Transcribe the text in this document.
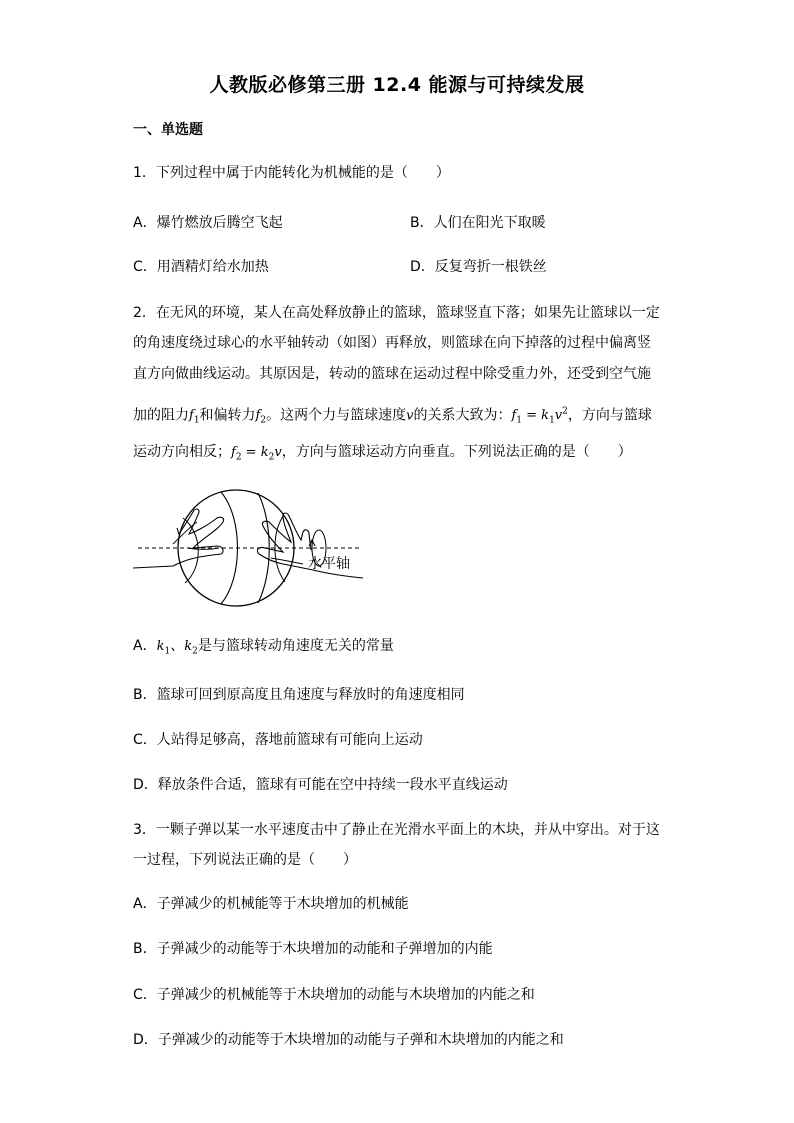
人教版必修第三册 12.4 能源与可持续发展
一、单选题
1．下列过程中属于内能转化为机械能的是（　　）
A．爆竹燃放后腾空飞起	B．人们在阳光下取暖
C．用酒精灯给水加热	D．反复弯折一根铁丝
2．在无风的环境，某人在高处释放静止的篮球，篮球竖直下落；如果先让篮球以一定
的角速度绕过球心的水平轴转动（如图）再释放，则篮球在向下掉落的过程中偏离竖
直方向做曲线运动。其原因是，转动的篮球在运动过程中除受重力外，还受到空气施
加的阻力$f_1$和偏转力$f_2$。这两个力与篮球速度v的关系大致为：$f_1 = k_1v^2$，方向与篮球
运动方向相反；$f_2 = k_2v$，方向与篮球运动方向垂直。下列说法正确的是（　　）
水平轴
A．$k_1$、$k_2$是与篮球转动角速度无关的常量
B．篮球可回到原高度且角速度与释放时的角速度相同
C．人站得足够高，落地前篮球有可能向上运动
D．释放条件合适，篮球有可能在空中持续一段水平直线运动
3．一颗子弹以某一水平速度击中了静止在光滑水平面上的木块，并从中穿出。对于这
一过程，下列说法正确的是（　　）
A．子弹减少的机械能等于木块增加的机械能
B．子弹减少的动能等于木块增加的动能和子弹增加的内能
C．子弹减少的机械能等于木块增加的动能与木块增加的内能之和
D．子弹减少的动能等于木块增加的动能与子弹和木块增加的内能之和
